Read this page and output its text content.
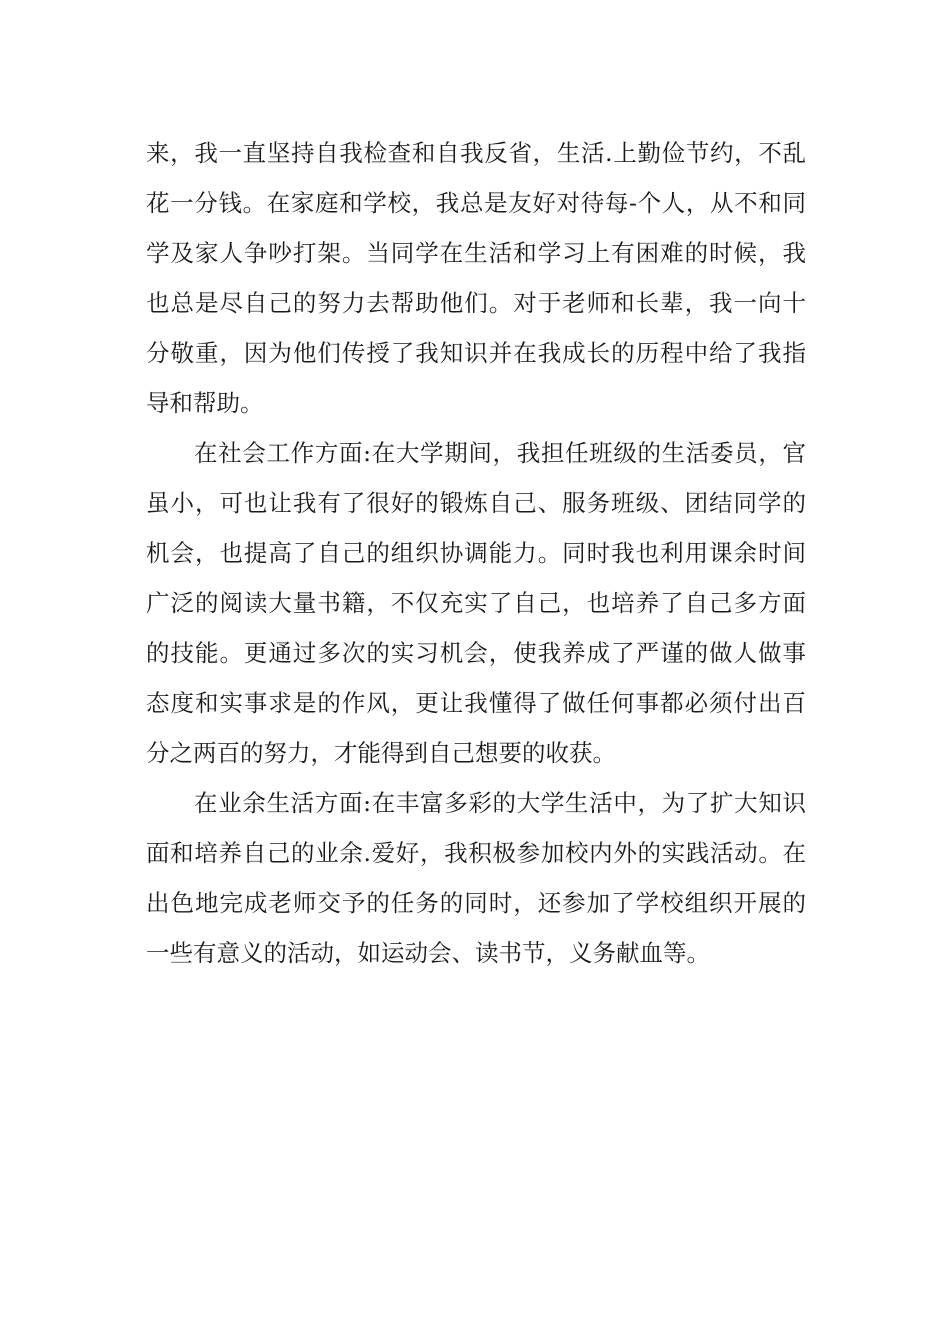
来，我一直坚持自我检查和自我反省，生活.上勤俭节约，不乱
花一分钱。在家庭和学校，我总是友好对待每-个人，从不和同
学及家人争吵打架。当同学在生活和学习上有困难的时候，我
也总是尽自己的努力去帮助他们。对于老师和长辈，我一向十
分敬重，因为他们传授了我知识并在我成长的历程中给了我指
导和帮助。
在社会工作方面:在大学期间，我担任班级的生活委员，官
虽小，可也让我有了很好的锻炼自己、服务班级、团结同学的
机会，也提高了自己的组织协调能力。同时我也利用课余时间
广泛的阅读大量书籍，不仅充实了自己，也培养了自己多方面
的技能。更通过多次的实习机会，使我养成了严谨的做人做事
态度和实事求是的作风，更让我懂得了做任何事都必须付出百
分之两百的努力，才能得到自己想要的收获。
在业余生活方面:在丰富多彩的大学生活中，为了扩大知识
面和培养自己的业余.爱好，我积极参加校内外的实践活动。在
出色地完成老师交予的任务的同时，还参加了学校组织开展的
一些有意义的活动，如运动会、读书节，义务献血等。
